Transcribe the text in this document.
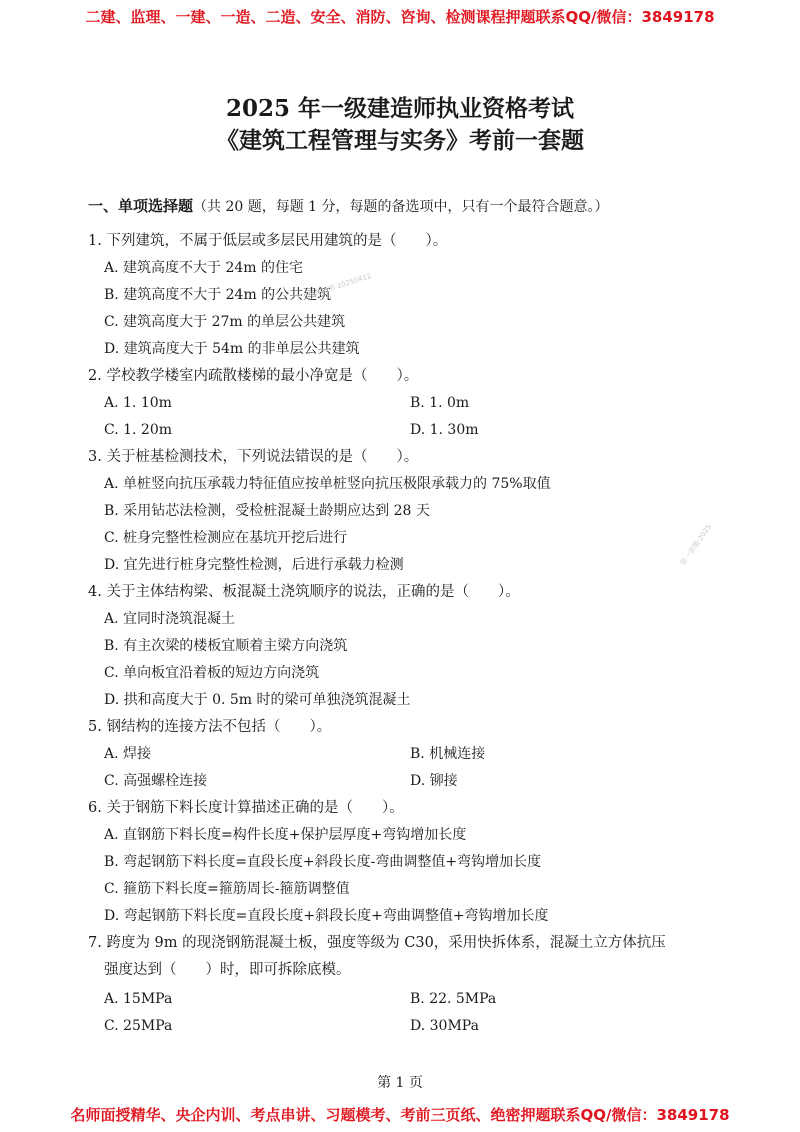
二建、监理、一建、一造、二造、安全、消防、咨询、检测课程押题联系QQ/微信：3849178
2025 年一级建造师执业资格考试
《建筑工程管理与实务》考前一套题
一、单项选择题（共 20 题，每题 1 分，每题的备选项中，只有一个最符合题意。）
1. 下列建筑，不属于低层或多层民用建筑的是（　　）。
A. 建筑高度不大于 24m 的住宅
B. 建筑高度不大于 24m 的公共建筑
C. 建筑高度大于 27m 的单层公共建筑
D. 建筑高度大于 54m 的非单层公共建筑
2. 学校教学楼室内疏散楼梯的最小净宽是（　　）。
A. 1. 10m	B. 1. 0m
C. 1. 20m	D. 1. 30m
3. 关于桩基检测技术，下列说法错误的是（　　）。
A. 单桩竖向抗压承载力特征值应按单桩竖向抗压极限承载力的 75%取值
B. 采用钻芯法检测，受检桩混凝土龄期应达到 28 天
C. 桩身完整性检测应在基坑开挖后进行
D. 宜先进行桩身完整性检测，后进行承载力检测
4. 关于主体结构梁、板混凝土浇筑顺序的说法，正确的是（　　）。
A. 宜同时浇筑混凝土
B. 有主次梁的楼板宜顺着主梁方向浇筑
C. 单向板宜沿着板的短边方向浇筑
D. 拱和高度大于 0. 5m 时的梁可单独浇筑混凝土
5. 钢结构的连接方法不包括（　　）。
A. 焊接	B. 机械连接
C. 高强螺栓连接	D. 铆接
6. 关于钢筋下料长度计算描述正确的是（　　）。
A. 直钢筋下料长度=构件长度+保护层厚度+弯钩增加长度
B. 弯起钢筋下料长度=直段长度+斜段长度-弯曲调整值+弯钩增加长度
C. 箍筋下料长度=箍筋周长-箍筋调整值
D. 弯起钢筋下料长度=直段长度+斜段长度+弯曲调整值+弯钩增加长度
7. 跨度为 9m 的现浇钢筋混凝土板，强度等级为 C30，采用快拆体系，混凝土立方体抗压
强度达到（　　）时，即可拆除底模。
A. 15MPa	B. 22. 5MPa
C. 25MPa	D. 30MPa
一级建造师·20250412
第一套题·2025
第 1 页
名师面授精华、央企内训、考点串讲、习题模考、考前三页纸、绝密押题联系QQ/微信：3849178
